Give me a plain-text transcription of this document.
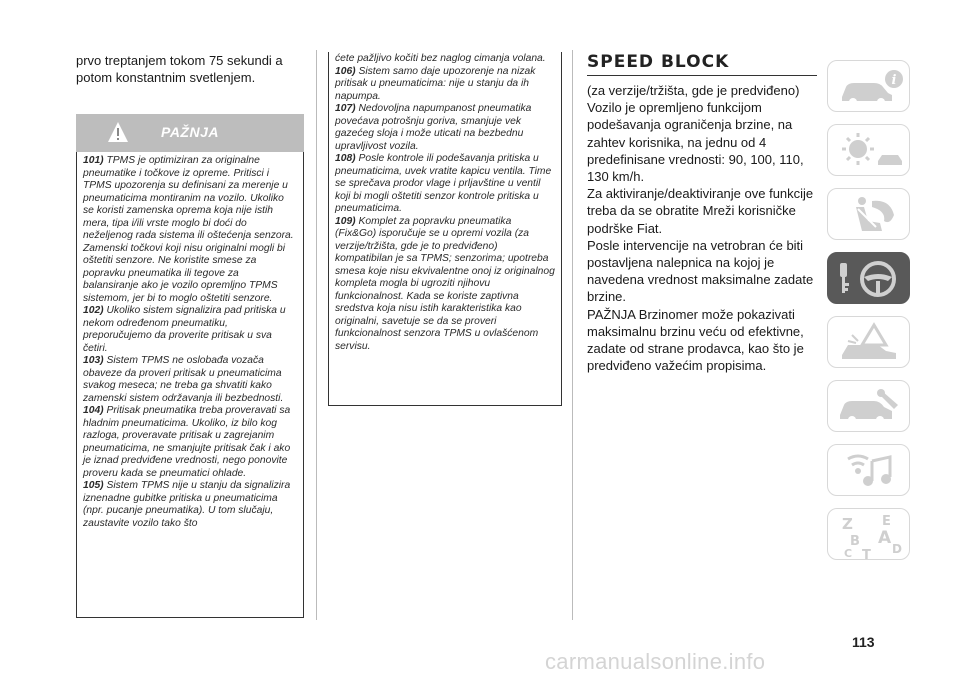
prvo treptanjem tokom 75 sekundi a potom konstantnim svetlenjem.
PAŽNJA

101) TPMS je optimiziran za originalne pneumatike i točkove iz opreme. Pritisci i TPMS upozorenja su definisani za merenje u pneumaticima montiranim na vozilo. Ukoliko se koristi zamenska oprema koja nije istih mera, tipa i/ili vrste moglo bi doći do neželjenog rada sistema ili oštećenja senzora. Zamenski točkovi koji nisu originalni mogli bi oštetiti senzore. Ne koristite smese za popravku pneumatika ili tegove za balansiranje ako je vozilo opremljno TPMS sistemom, jer bi to moglo oštetiti senzore.

102) Ukoliko sistem signalizira pad pritiska u nekom određenom pneumatiku, preporučujemo da proverite pritisak u sva četiri.

103) Sistem TPMS ne oslobađa vozača obaveze da proveri pritisak u pneumaticima svakog meseca; ne treba ga shvatiti kako zamenski sistem održavanja ili bezbednosti.

104) Pritisak pneumatika treba proveravati sa hladnim pneumaticima. Ukoliko, iz bilo kog razloga, proveravate pritisak u zagrejanim pneumaticima, ne smanjujte pritisak čak i ako je iznad predviđene vrednosti, nego ponovite proveru kada se pneumatici ohlade.

105) Sistem TPMS nije u stanju da signalizira iznenadne gubitke pritiska u pneumaticima (npr. pucanje pneumatika). U tom slučaju, zaustavite vozilo tako što

ćete pažljivo kočiti bez naglog cimanja volana.

106) Sistem samo daje upozorenje na nizak pritisak u pneumaticima: nije u stanju da ih napumpa.

107) Nedovoljna napumpanost pneumatika povećava potrošnju goriva, smanjuje vek gazećeg sloja i može uticati na bezbednu upravljivost vozila.

108) Posle kontrole ili podešavanja pritiska u pneumaticima, uvek vratite kapicu ventila. Time se sprečava prodor vlage i prljavštine u ventil koji bi mogli oštetiti senzor kontrole pritiska u pneumaticima.

109) Komplet za popravku pneumatika (Fix&Go) isporučuje se u opremi vozila (za verzije/tržišta, gde je to predviđeno) kompatibilan je sa TPMS; senzorima; upotreba smesa koje nisu ekvivalentne onoj iz originalnog kompleta mogla bi ugroziti njihovu funkcionalnost. Kada se koriste zaptivna sredstva koja nisu istih karakteristika kao originalni, savetuje se da se proveri funkcionalnost senzora TPMS u ovlašćenom servisu.

SPEED BLOCK

(za verzije/tržišta, gde je predviđeno)

Vozilo je opremljeno funkcijom podešavanja ograničenja brzine, na zahtev korisnika, na jednu od 4 predefinisane vrednosti: 90, 100, 110, 130 km/h.

Za aktiviranje/deaktiviranje ove funkcije treba da se obratite Mreži korisničke podrške Fiat.

Posle intervencije na vetrobran će biti postavljena nalepnica na kojoj je navedena vrednost maksimalne zadate brzine.

PAŽNJA Brzinomer može pokazivati maksimalnu brzinu veću od efektivne, zadate od strane prodavca, kao što je predviđeno važećim propisima.

i
Z E
B A
C	D
T
113
carmanualsonline.info
